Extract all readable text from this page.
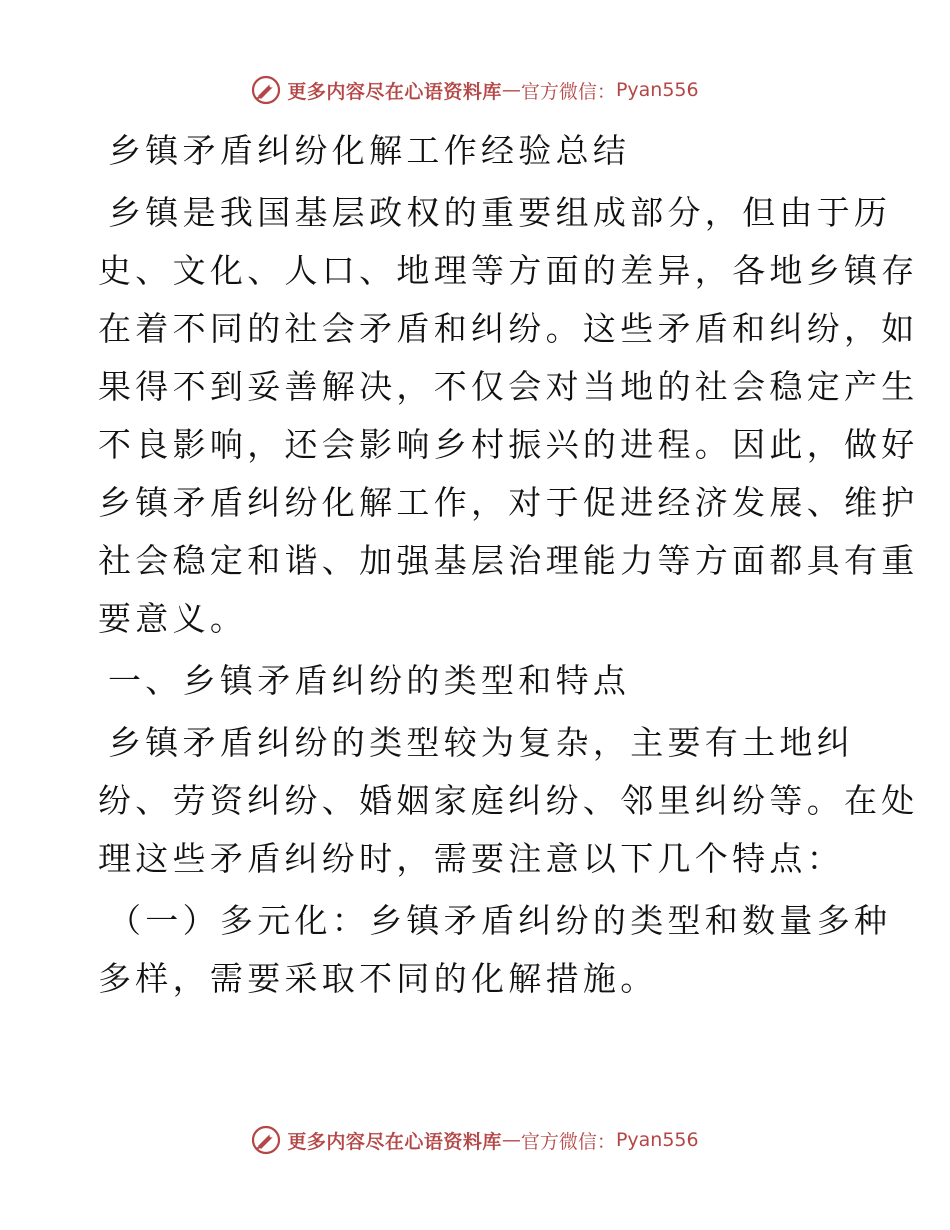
更多内容尽在心语资料库 — 官方微信： Pyan556
乡镇矛盾纠纷化解工作经验总结
乡镇是我国基层政权的重要组成部分，但由于历
史、文化、人口、地理等方面的差异，各地乡镇存
在着不同的社会矛盾和纠纷。这些矛盾和纠纷，如
果得不到妥善解决，不仅会对当地的社会稳定产生
不良影响，还会影响乡村振兴的进程。因此，做好
乡镇矛盾纠纷化解工作，对于促进经济发展、维护
社会稳定和谐、加强基层治理能力等方面都具有重
要意义。
一、乡镇矛盾纠纷的类型和特点
乡镇矛盾纠纷的类型较为复杂，主要有土地纠
纷、劳资纠纷、婚姻家庭纠纷、邻里纠纷等。在处
理这些矛盾纠纷时，需要注意以下几个特点：
（一）多元化：乡镇矛盾纠纷的类型和数量多种
多样，需要采取不同的化解措施。
更多内容尽在心语资料库 — 官方微信： Pyan556
